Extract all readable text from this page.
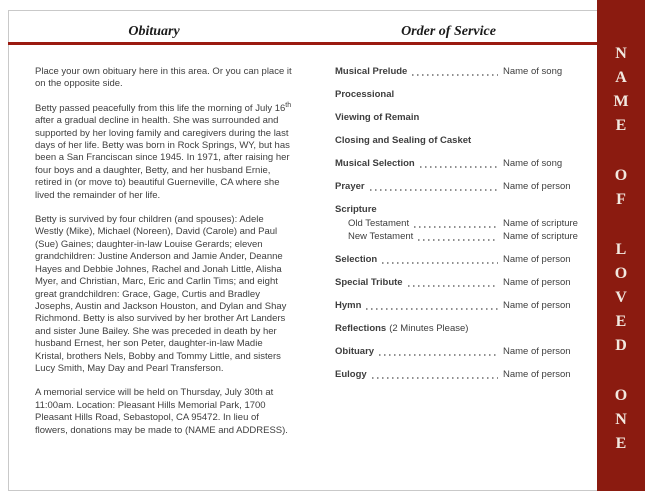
Obituary	Order of Service

Place your own obituary here in this area. Or you can place it on the opposite side.

Betty passed peacefully from this life the morning of July 16th after a gradual decline in health. She was surrounded and supported by her loving family and caregivers during the last days of her life. Betty was born in Rock Springs, WY, but has been a San Franciscan since 1945. In 1971, after raising her four boys and a daughter, Betty, and her husband Ernie, retired in (or move to) beautiful Guerneville, CA where she lived the remainder of her life.

Betty is survived by four children (and spouses): Adele Westly (Mike), Michael (Noreen), David (Carole) and Paul (Sue) Gaines; daughter-in-law Louise Gerards; eleven grandchildren: Justine Anderson and Jamie Ander, Deanne Hayes and Debbie Johnes, Rachel and Jonah Little, Alisha Myer, and Christian, Marc, Eric and Carlin Tims; and eight great grandchildren: Grace, Gage, Curtis and Bradley Josephs, Austin and Jackson Houston, and Dylan and Shay Richmond. Betty is also survived by her brother Art Landers and sister June Bailey. She was preceded in death by her husband Ernest, her son Peter, daughter-in-law Madie Kristal, brothers Nels, Bobby and Tommy Little, and sisters Lucy Smith, May Day and Pearl Transferson.

A memorial service will be held on Thursday, July 30th at 11:00am. Location: Pleasant Hills Memorial Park, 1700 Pleasant Hills Road, Sebastopol, CA 95472. In lieu of flowers, donations may be made to (NAME and ADDRESS).

Musical Prelude	Name of song
Processional
Viewing of Remain
Closing and Sealing of Casket
Musical Selection	Name of song
Prayer	Name of person
Scripture
Old Testament	Name of scripture
New Testament	Name of scripture
Selection	Name of person
Special Tribute	Name of person
Hymn	Name of person
Reflections (2 Minutes Please)
Obituary	Name of person
Eulogy	Name of person
N
A
M
E
O
F
L
O
V
E
D
O
N
E
